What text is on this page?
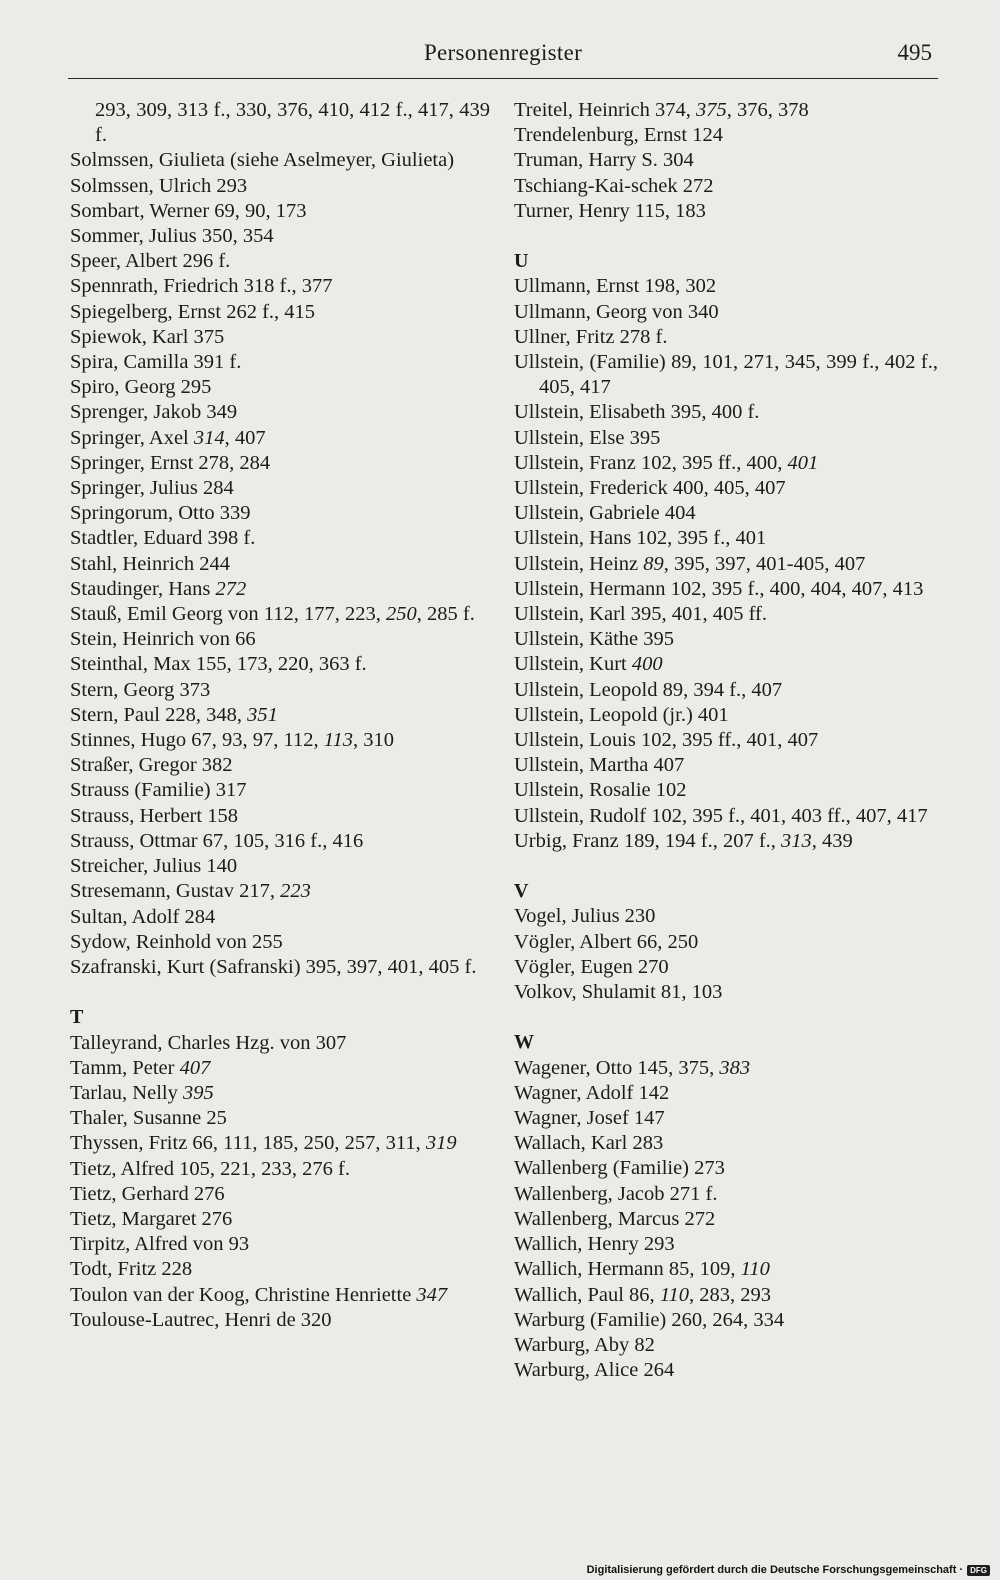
Personenregister	495

293, 309, 313 f., 330, 376, 410, 412 f., 417, 439 f.

Solmssen, Giulieta (siehe Aselmeyer, Giulieta)

Solmssen, Ulrich 293

Sombart, Werner 69, 90, 173

Sommer, Julius 350, 354

Speer, Albert 296 f.

Spennrath, Friedrich 318 f., 377

Spiegelberg, Ernst 262 f., 415

Spiewok, Karl 375

Spira, Camilla 391 f.

Spiro, Georg 295

Sprenger, Jakob 349

Springer, Axel 314, 407

Springer, Ernst 278, 284

Springer, Julius 284

Springorum, Otto 339

Stadtler, Eduard 398 f.

Stahl, Heinrich 244

Staudinger, Hans 272

Stauß, Emil Georg von 112, 177, 223, 250, 285 f.

Stein, Heinrich von 66

Steinthal, Max 155, 173, 220, 363 f.

Stern, Georg 373

Stern, Paul 228, 348, 351

Stinnes, Hugo 67, 93, 97, 112, 113, 310

Straßer, Gregor 382

Strauss (Familie) 317

Strauss, Herbert 158

Strauss, Ottmar 67, 105, 316 f., 416

Streicher, Julius 140

Stresemann, Gustav 217, 223

Sultan, Adolf 284

Sydow, Reinhold von 255

Szafranski, Kurt (Safranski) 395, 397, 401, 405 f.

T

Talleyrand, Charles Hzg. von 307

Tamm, Peter 407

Tarlau, Nelly 395

Thaler, Susanne 25

Thyssen, Fritz 66, 111, 185, 250, 257, 311, 319

Tietz, Alfred 105, 221, 233, 276 f.

Tietz, Gerhard 276

Tietz, Margaret 276

Tirpitz, Alfred von 93

Todt, Fritz 228

Toulon van der Koog, Christine Henriette 347

Toulouse-Lautrec, Henri de 320

Treitel, Heinrich 374, 375, 376, 378

Trendelenburg, Ernst 124

Truman, Harry S. 304

Tschiang-Kai-schek 272

Turner, Henry 115, 183

U

Ullmann, Ernst 198, 302

Ullmann, Georg von 340

Ullner, Fritz 278 f.

Ullstein, (Familie) 89, 101, 271, 345, 399 f., 402 f., 405, 417

Ullstein, Elisabeth 395, 400 f.

Ullstein, Else 395

Ullstein, Franz 102, 395 ff., 400, 401

Ullstein, Frederick 400, 405, 407

Ullstein, Gabriele 404

Ullstein, Hans 102, 395 f., 401

Ullstein, Heinz 89, 395, 397, 401-405, 407

Ullstein, Hermann 102, 395 f., 400, 404, 407, 413

Ullstein, Karl 395, 401, 405 ff.

Ullstein, Käthe 395

Ullstein, Kurt 400

Ullstein, Leopold 89, 394 f., 407

Ullstein, Leopold (jr.) 401

Ullstein, Louis 102, 395 ff., 401, 407

Ullstein, Martha 407

Ullstein, Rosalie 102

Ullstein, Rudolf 102, 395 f., 401, 403 ff., 407, 417

Urbig, Franz 189, 194 f., 207 f., 313, 439

V

Vogel, Julius 230

Vögler, Albert 66, 250

Vögler, Eugen 270

Volkov, Shulamit 81, 103

W

Wagener, Otto 145, 375, 383

Wagner, Adolf 142

Wagner, Josef 147

Wallach, Karl 283

Wallenberg (Familie) 273

Wallenberg, Jacob 271 f.

Wallenberg, Marcus 272

Wallich, Henry 293

Wallich, Hermann 85, 109, 110

Wallich, Paul 86, 110, 283, 293

Warburg (Familie) 260, 264, 334

Warburg, Aby 82

Warburg, Alice 264

Digitalisierung gefördert durch die Deutsche Forschungsgemeinschaft · DFG
